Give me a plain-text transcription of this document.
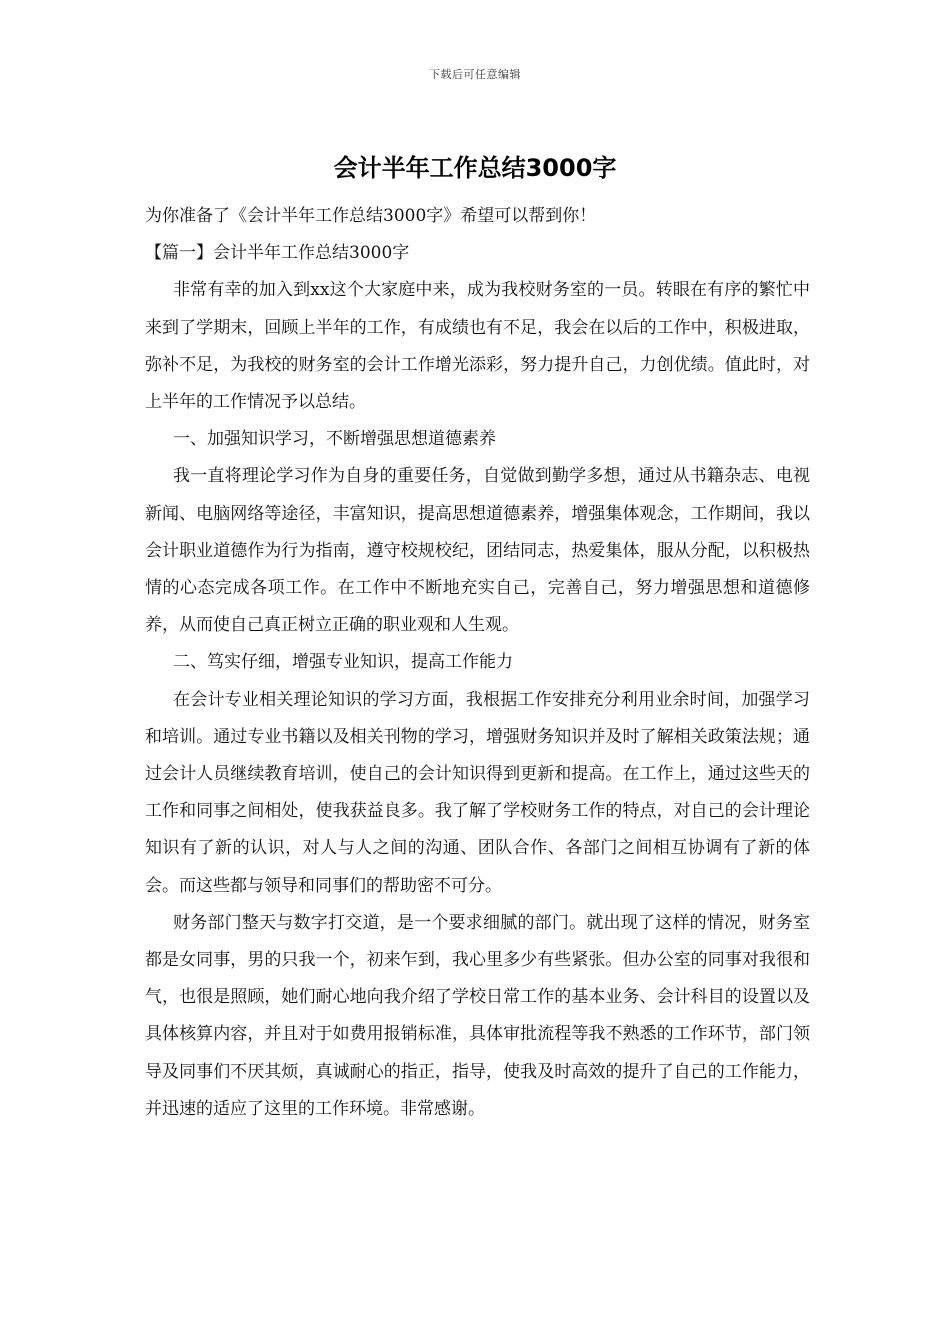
下载后可任意编辑
会计半年工作总结3000字

为你准备了《会计半年工作总结3000字》希望可以帮到你！

【篇一】会计半年工作总结3000字

非常有幸的加入到xx这个大家庭中来，成为我校财务室的一员。转眼在有序的繁忙中来到了学期末，回顾上半年的工作，有成绩也有不足，我会在以后的工作中，积极进取，弥补不足，为我校的财务室的会计工作增光添彩，努力提升自己，力创优绩。值此时，对上半年的工作情况予以总结。

一、加强知识学习，不断增强思想道德素养

我一直将理论学习作为自身的重要任务，自觉做到勤学多想，通过从书籍杂志、电视新闻、电脑网络等途径，丰富知识，提高思想道德素养，增强集体观念，工作期间，我以会计职业道德作为行为指南，遵守校规校纪，团结同志，热爱集体，服从分配，以积极热情的心态完成各项工作。在工作中不断地充实自己，完善自己，努力增强思想和道德修养，从而使自己真正树立正确的职业观和人生观。

二、笃实仔细，增强专业知识，提高工作能力

在会计专业相关理论知识的学习方面，我根据工作安排充分利用业余时间，加强学习和培训。通过专业书籍以及相关刊物的学习，增强财务知识并及时了解相关政策法规；通过会计人员继续教育培训，使自己的会计知识得到更新和提高。在工作上，通过这些天的工作和同事之间相处，使我获益良多。我了解了学校财务工作的特点，对自己的会计理论知识有了新的认识，对人与人之间的沟通、团队合作、各部门之间相互协调有了新的体会。而这些都与领导和同事们的帮助密不可分。

财务部门整天与数字打交道，是一个要求细腻的部门。就出现了这样的情况，财务室都是女同事，男的只我一个，初来乍到，我心里多少有些紧张。但办公室的同事对我很和气，也很是照顾，她们耐心地向我介绍了学校日常工作的基本业务、会计科目的设置以及具体核算内容，并且对于如费用报销标准，具体审批流程等我不熟悉的工作环节，部门领导及同事们不厌其烦，真诚耐心的指正，指导，使我及时高效的提升了自己的工作能力，并迅速的适应了这里的工作环境。非常感谢。
